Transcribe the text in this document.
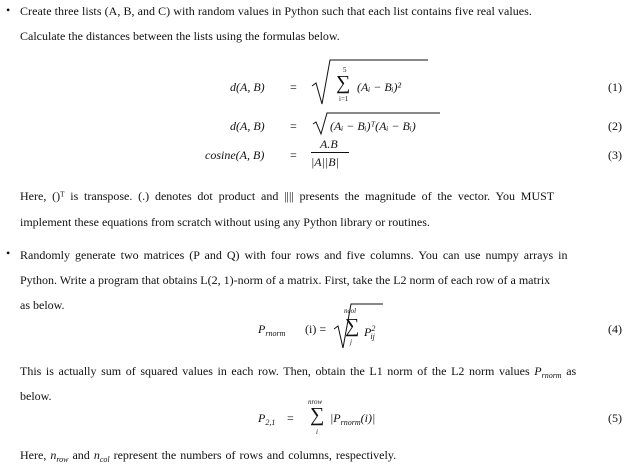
• Create three lists (A, B, and C) with random values in Python such that each list contains five real values.
Calculate the distances between the lists using the formulas below.
d(A, B) =
5
∑
i=1
(Aᵢ − Bᵢ)²	(1)
d(A, B) =	(Aᵢ − Bᵢ)ᵀ(Aᵢ − Bᵢ)	(2)
cosine(A, B) =
A.B
|A||B|	(3)
Here, ()ᵀ is transpose. (.) denotes dot product and |||| presents the magnitude of the vector. You MUST
implement these equations from scratch without using any Python library or routines.
• Randomly generate two matrices (P and Q) with four rows and five columns. You can use numpy arrays in
Python. Write a program that obtains L(2, 1)-norm of a matrix. First, take the L2 norm of each row of a matrix
as below.
$P_{rnorm}$ (i) =
ncol
∑
j
$P^2_{ij}$
(4)
This is actually sum of squared values in each row. Then, obtain the L1 norm of the L2 norm values $P_{rnorm}$ as
below.
$P_{2,1}$ =
nrow
∑
i
$|P_{rnorm}(i)|$	(5)
Here, $n_{row}$ and $n_{col}$ represent the numbers of rows and columns, respectively.
